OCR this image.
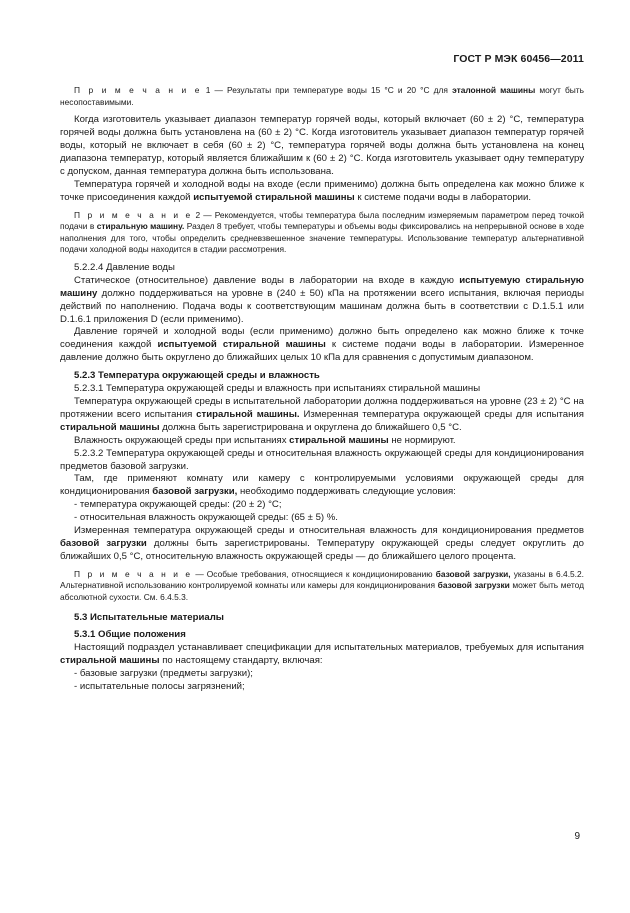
ГОСТ Р МЭК 60456—2011

П р и м е ч а н и е 1 — Результаты при температуре воды 15 °С и 20 °С для эталонной машины могут быть несопоставимыми.

Когда изготовитель указывает диапазон температур горячей воды, который включает (60 ± 2) °С, температура горячей воды должна быть установлена на (60 ± 2) °С. Когда изготовитель указывает диапазон температур горячей воды, который не включает в себя (60 ± 2) °С, температура горячей воды должна быть установлена на конец диапазона температур, который является ближайшим к (60 ± 2) °С. Когда изготовитель указывает одну температуру с допуском, данная температура должна быть использована.

Температура горячей и холодной воды на входе (если применимо) должна быть определена как можно ближе к точке присоединения каждой испытуемой стиральной машины к системе подачи воды в лаборатории.

П р и м е ч а н и е 2 — Рекомендуется, чтобы температура была последним измеряемым параметром перед точкой подачи в стиральную машину. Раздел 8 требует, чтобы температуры и объемы воды фиксировались на непрерывной основе в ходе наполнения для того, чтобы определить средневзвешенное значение температуры. Использование температур альтернативной подачи холодной воды находится в стадии рассмотрения.

5.2.2.4 Давление воды

Статическое (относительное) давление воды в лаборатории на входе в каждую испытуемую стиральную машину должно поддерживаться на уровне в (240 ± 50) кПа на протяжении всего испытания, включая периоды действий по наполнению. Подача воды к соответствующим машинам должна быть в соответствии с D.1.5.1 или D.1.6.1 приложения D (если применимо).

Давление горячей и холодной воды (если применимо) должно быть определено как можно ближе к точке соединения каждой испытуемой стиральной машины к системе подачи воды в лаборатории. Измеренное давление должно быть округлено до ближайших целых 10 кПа для сравнения с допустимым диапазоном.

5.2.3 Температура окружающей среды и влажность

5.2.3.1 Температура окружающей среды и влажность при испытаниях стиральной машины

Температура окружающей среды в испытательной лаборатории должна поддерживаться на уровне (23 ± 2) °С на протяжении всего испытания стиральной машины. Измеренная температура окружающей среды для испытания стиральной машины должна быть зарегистрирована и округлена до ближайшего 0,5 °С.

Влажность окружающей среды при испытаниях стиральной машины не нормируют.

5.2.3.2 Температура окружающей среды и относительная влажность окружающей среды для кондиционирования предметов базовой загрузки.

Там, где применяют комнату или камеру с контролируемыми условиями окружающей среды для кондиционирования базовой загрузки, необходимо поддерживать следующие условия:

- температура окружающей среды: (20 ± 2) °С;

- относительная влажность окружающей среды: (65 ± 5) %.

Измеренная температура окружающей среды и относительная влажность для кондиционирования предметов базовой загрузки должны быть зарегистрированы. Температуру окружающей среды следует округлить до ближайших 0,5 °С, относительную влажность окружающей среды — до ближайшего целого процента.

П р и м е ч а н и е — Особые требования, относящиеся к кондиционированию базовой загрузки, указаны в 6.4.5.2. Альтернативной использованию контролируемой комнаты или камеры для кондиционирования базовой загрузки может быть метод абсолютной сухости. См. 6.4.5.3.

5.3 Испытательные материалы

5.3.1 Общие положения

Настоящий подраздел устанавливает спецификации для испытательных материалов, требуемых для испытания стиральной машины по настоящему стандарту, включая:

- базовые загрузки (предметы загрузки);

- испытательные полосы загрязнений;

9
